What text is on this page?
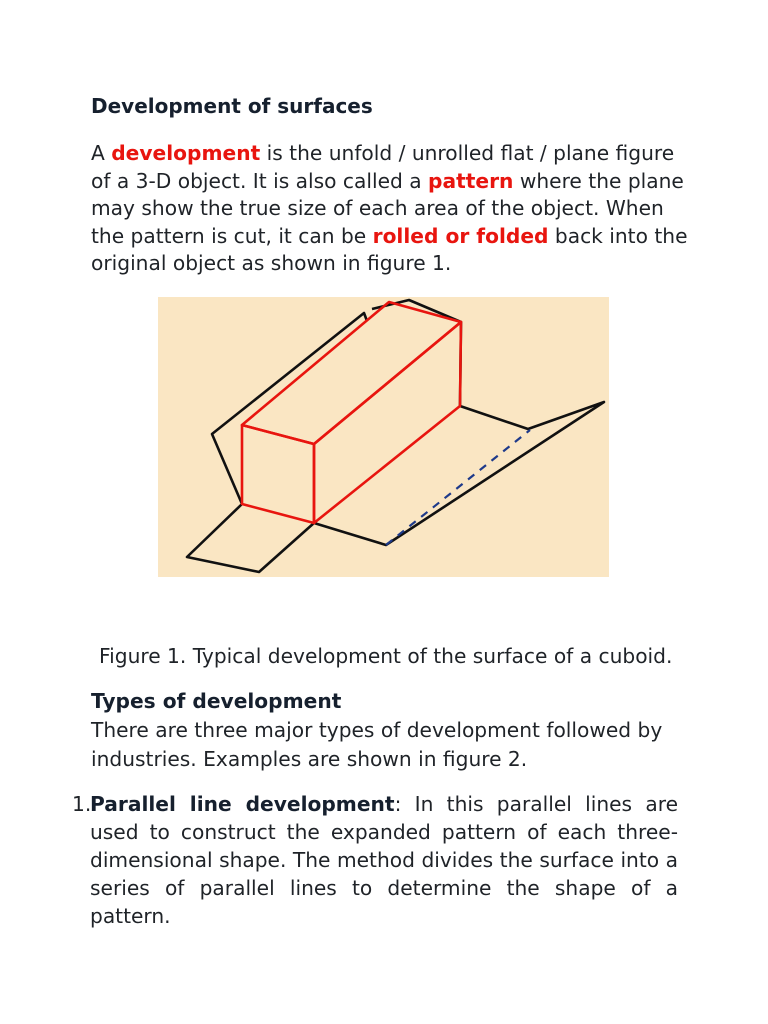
Development of surfaces

A development is the unfold / unrolled flat / plane figure of a 3-D object. It is also called a pattern where the plane may show the true size of each area of the object. When the pattern is cut, it can be rolled or folded back into the original object as shown in figure 1.

Figure 1. Typical development of the surface of a cuboid.

Types of development

There are three major types of development followed by industries. Examples are shown in figure 2.

1.

Parallel line development: In this parallel lines are used to construct the expanded pattern of each three-dimensional shape. The method divides the surface into a series of parallel lines to determine the shape of a pattern.
